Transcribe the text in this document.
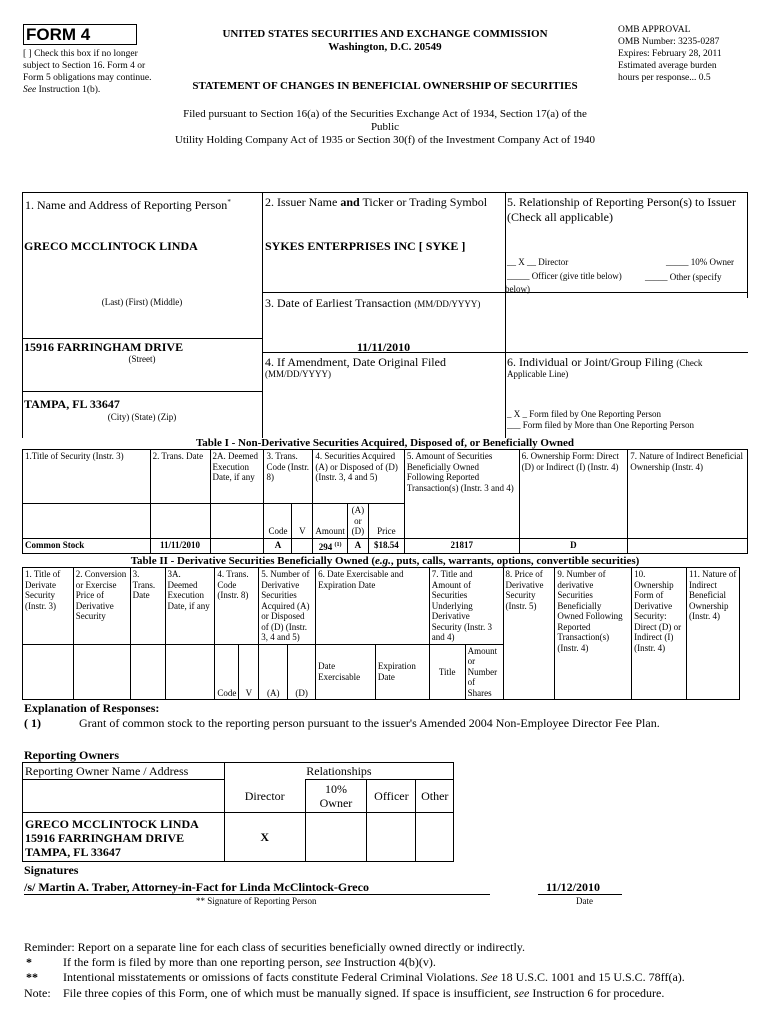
FORM 4
[ ] Check this box if no longer subject to Section 16. Form 4 or Form 5 obligations may continue. See Instruction 1(b).
UNITED STATES SECURITIES AND EXCHANGE COMMISSION
Washington, D.C. 20549
STATEMENT OF CHANGES IN BENEFICIAL OWNERSHIP OF SECURITIES
OMB APPROVAL
OMB Number: 3235-0287
Expires: February 28, 2011
Estimated average burden
hours per response... 0.5
Filed pursuant to Section 16(a) of the Securities Exchange Act of 1934, Section 17(a) of the
Public
Utility Holding Company Act of 1935 or Section 30(f) of the Investment Company Act of 1940
1. Name and Address of Reporting Person*
GRECO MCCLINTOCK LINDA
(Last) (First) (Middle)
15916 FARRINGHAM DRIVE
(Street)
TAMPA, FL 33647
(City) (State) (Zip)
2. Issuer Name and Ticker or Trading Symbol
SYKES ENTERPRISES INC [ SYKE ]
3. Date of Earliest Transaction (MM/DD/YYYY)
11/11/2010
4. If Amendment, Date Original Filed
(MM/DD/YYYY)
5. Relationship of Reporting Person(s) to Issuer
(Check all applicable)
__ X __ Director	_____ 10% Owner
_____ Officer (give title below)	_____ Other (specify below)
6. Individual or Joint/Group Filing (Check
Applicable Line)
_ X _ Form filed by One Reporting Person
___ Form filed by More than One Reporting Person
Table I - Non-Derivative Securities Acquired, Disposed of, or Beneficially Owned
1.Title of Security (Instr. 3)	2. Trans. Date	2A. Deemed Execution Date, if any	3. Trans. Code (Instr. 8)		4. Securities Acquired (A) or Disposed of (D) (Instr. 3, 4 and 5)			5. Amount of Securities Beneficially Owned Following Reported Transaction(s) (Instr. 3 and 4)	6. Ownership Form: Direct (D) or Indirect (I) (Instr. 4)	7. Nature of Indirect Beneficial Ownership (Instr. 4)
			Code	V	Amount	(A) or (D)	Price			
Common Stock	11/11/2010		A		294 $^{(1)}$	A	$18.54	21817	D	
Table II - Derivative Securities Beneficially Owned (e.g., puts, calls, warrants, options, convertible securities)
1. Title of Derivate Security (Instr. 3)	2. Conversion or Exercise Price of Derivative Security	3. Trans. Date	3A. Deemed Execution Date, if any	4. Trans. Code (Instr. 8)		5. Number of Derivative Securities Acquired (A) or Disposed of (D) (Instr. 3, 4 and 5)		6. Date Exercisable and Expiration Date		7. Title and Amount of Securities Underlying Derivative Security (Instr. 3 and 4)		8. Price of Derivative Security (Instr. 5)	9. Number of derivative Securities Beneficially Owned Following Reported Transaction(s) (Instr. 4)	10. Ownership Form of Derivative Security: Direct (D) or Indirect (I) (Instr. 4)	11. Nature of Indirect Beneficial Ownership (Instr. 4)
				Code	V	(A)	(D)	Date Exercisable	Expiration Date	Title	Amount or Number of Shares				
Explanation of Responses:
( 1)	Grant of common stock to the reporting person pursuant to the issuer's Amended 2004 Non-Employee Director Fee Plan.
Reporting Owners
Reporting Owner Name / Address	Relationships			
	Director	10% Owner	Officer	Other

GRECO MCCLINTOCK LINDA
15916 FARRINGHAM DRIVE
TAMPA, FL 33647	X			
Signatures
/s/ Martin A. Traber, Attorney-in-Fact for Linda McClintock-Greco	11/12/2010
** Signature of Reporting Person	Date
Reminder: Report on a separate line for each class of securities beneficially owned directly or indirectly.
*	If the form is filed by more than one reporting person, see Instruction 4(b)(v).
** Intentional misstatements or omissions of facts constitute Federal Criminal Violations. See 18 U.S.C. 1001 and 15 U.S.C. 78ff(a).
Note: File three copies of this Form, one of which must be manually signed. If space is insufficient, see Instruction 6 for procedure.
